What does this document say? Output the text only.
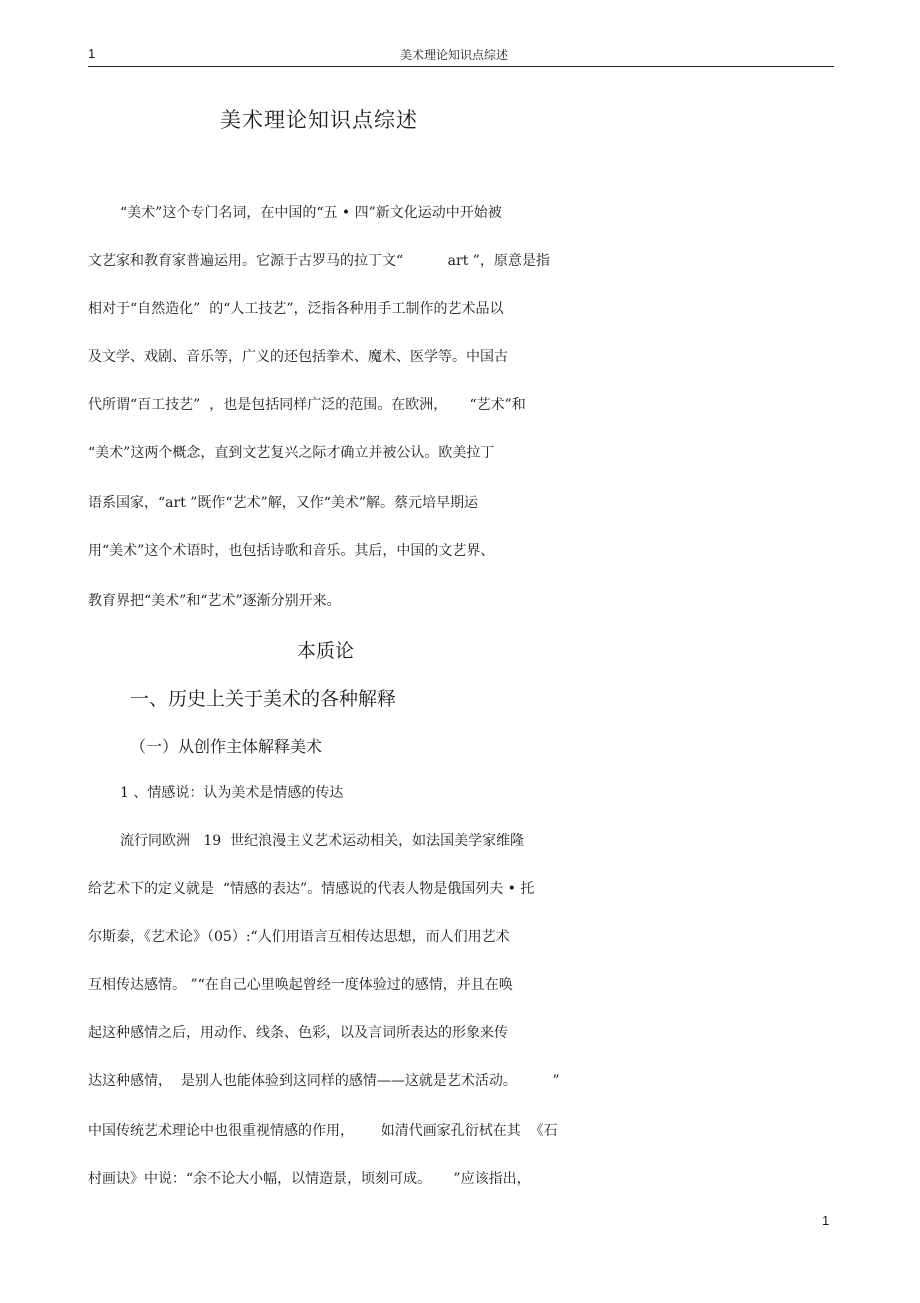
1	美术理论知识点综述
美术理论知识点综述
“美术”这个专门名词，在中国的“五 • 四”新文化运动中开始被
文艺家和教育家普遍运用。它源于古罗马的拉丁文“          art ”，原意是指
相对于“自然造化”  的“人工技艺”，泛指各种用手工制作的艺术品以
及文学、戏剧、音乐等，广义的还包括拳术、魔术、医学等。中国古
代所谓“百工技艺”  ，也是包括同样广泛的范围。在欧洲，     “艺术”和
“美术”这两个概念，直到文艺复兴之际才确立并被公认。欧美拉丁
语系国家，“art ”既作“艺术”解，又作“美术”解。蔡元培早期运
用“美术”这个术语时，也包括诗歌和音乐。其后，中国的文艺界、
教育界把“美术”和“艺术”逐渐分别开来。
本质论
一、历史上关于美术的各种解释
（一）从创作主体解释美术
1 、情感说：认为美术是情感的传达
流行同欧洲   19  世纪浪漫主义艺术运动相关，如法国美学家维隆
给艺术下的定义就是  “情感的表达”。情感说的代表人物是俄国列夫 • 托
尔斯泰，《艺术论》（05）:“人们用语言互相传达思想，而人们用艺术
互相传达感情。 ”“在自己心里唤起曾经一度体验过的感情，并且在唤
起这种感情之后，用动作、线条、色彩，以及言词所表达的形象来传
达这种感情，  是别人也能体验到这同样的感情——这就是艺术活动。        ”
中国传统艺术理论中也很重视情感的作用，      如清代画家孔衍栻在其  《石
村画诀》中说：“余不论大小幅，以情造景，顷刻可成。     ”应该指出，
1
